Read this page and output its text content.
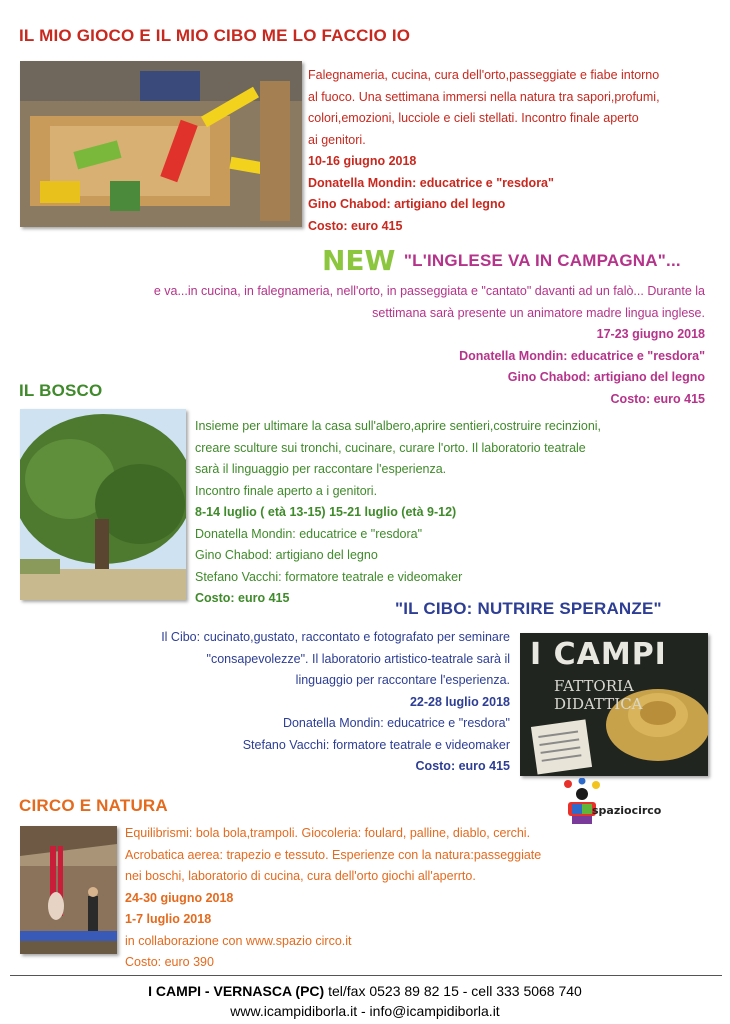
IL MIO GIOCO E IL MIO CIBO ME LO FACCIO IO
Falegnameria, cucina, cura dell'orto,passeggiate e fiabe intorno
al fuoco. Una settimana immersi nella natura tra sapori,profumi,
colori,emozioni, lucciole e cieli stellati. Incontro finale aperto
ai genitori.
10-16 giugno 2018
Donatella Mondin: educatrice e "resdora"
Gino Chabod: artigiano del legno
Costo: euro 415
NEW "L'INGLESE VA IN CAMPAGNA"...
e va...in cucina, in falegnameria, nell'orto, in passeggiata e "cantato" davanti ad un falò... Durante la
settimana sarà presente un animatore madre lingua inglese.
17-23 giugno 2018
Donatella Mondin: educatrice e "resdora"
Gino Chabod: artigiano del legno
Costo: euro 415
IL BOSCO
Insieme per ultimare la casa sull'albero,aprire sentieri,costruire recinzioni,
creare sculture sui tronchi, cucinare, curare l'orto. Il laboratorio teatrale
sarà il linguaggio per raccontare l'esperienza.
Incontro finale aperto a i genitori.
8-14 luglio ( età 13-15) 15-21 luglio (età 9-12)
Donatella Mondin: educatrice e "resdora"
Gino Chabod: artigiano del legno
Stefano Vacchi: formatore teatrale e videomaker
Costo: euro 415
"IL CIBO: NUTRIRE SPERANZE"
Il Cibo: cucinato,gustato, raccontato e fotografato per seminare
"consapevolezze". Il laboratorio artistico-teatrale sarà il
linguaggio per raccontare l'esperienza.
22-28 luglio 2018
Donatella Mondin: educatrice e "resdora"
Stefano Vacchi: formatore teatrale e videomaker
Costo: euro 415
I CAMPI
FATTORIA
DIDATTICA
spaziocirco
CIRCO E NATURA
Equilibrismi: bola bola,trampoli. Giocoleria: foulard, palline, diablo, cerchi.
Acrobatica aerea: trapezio e tessuto. Esperienze con la natura:passeggiate
nei boschi, laboratorio di cucina, cura dell'orto giochi all'aperrto.
24-30 giugno 2018
1-7 luglio 2018
in collaborazione con www.spazio circo.it
Costo: euro 390
I CAMPI - VERNASCA (PC) tel/fax 0523 89 82 15 - cell 333 5068 740
www.icampidiborla.it - info@icampidiborla.it
